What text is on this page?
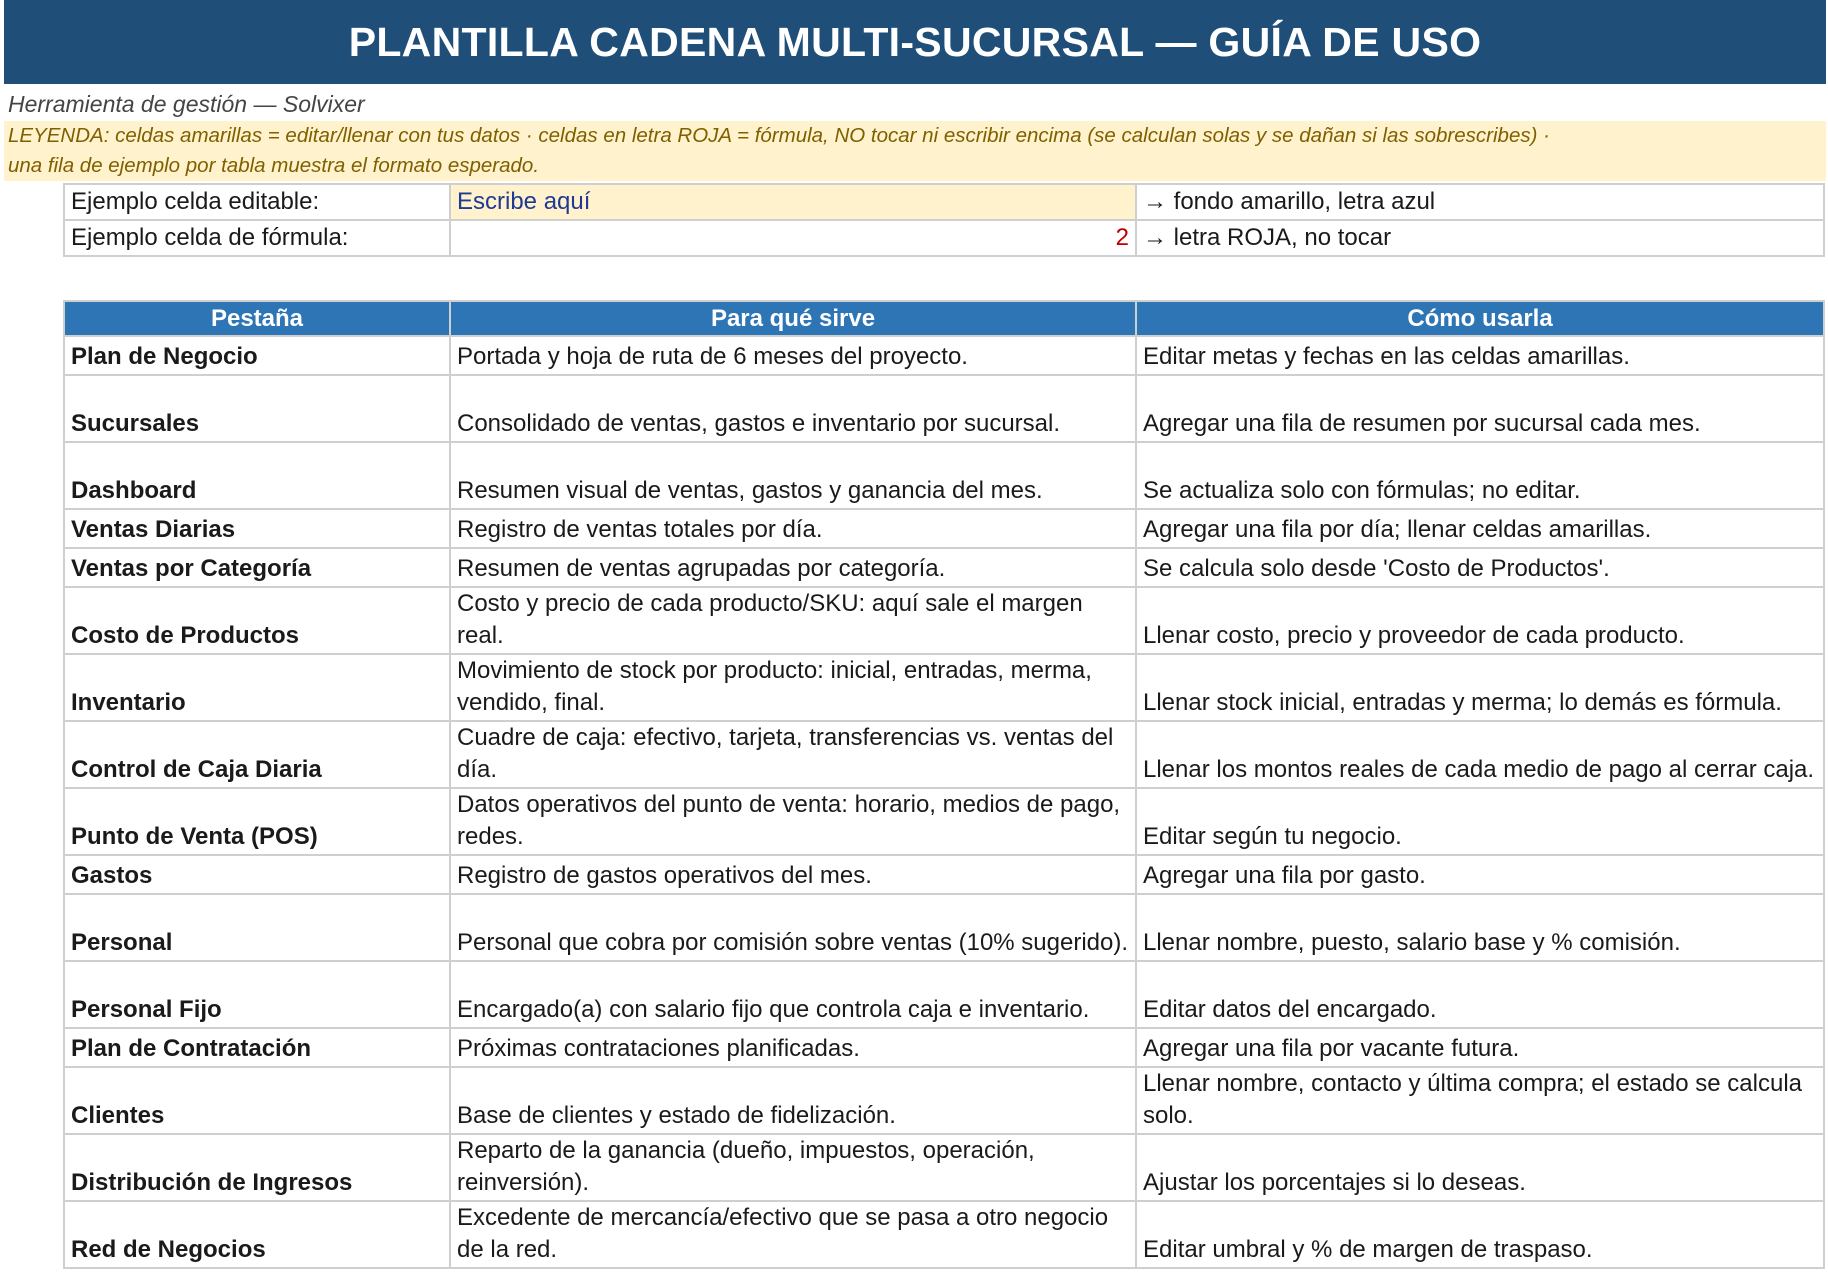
PLANTILLA CADENA MULTI-SUCURSAL — GUÍA DE USO
Herramienta de gestión — Solvixer
LEYENDA: celdas amarillas = editar/llenar con tus datos · celdas en letra ROJA = fórmula, NO tocar ni escribir encima (se calculan solas y se dañan si las sobrescribes) ·
una fila de ejemplo por tabla muestra el formato esperado.
Ejemplo celda editable:	Escribe aquí	→ fondo amarillo, letra azul
Ejemplo celda de fórmula:	2	→ letra ROJA, no tocar
Pestaña	Para qué sirve	Cómo usarla
Plan de Negocio	Portada y hoja de ruta de 6 meses del proyecto.	Editar metas y fechas en las celdas amarillas.
Sucursales	Consolidado de ventas, gastos e inventario por sucursal.	Agregar una fila de resumen por sucursal cada mes.
Dashboard	Resumen visual de ventas, gastos y ganancia del mes.	Se actualiza solo con fórmulas; no editar.
Ventas Diarias	Registro de ventas totales por día.	Agregar una fila por día; llenar celdas amarillas.
Ventas por Categoría	Resumen de ventas agrupadas por categoría.	Se calcula solo desde 'Costo de Productos'.
Costo de Productos	Costo y precio de cada producto/SKU: aquí sale el margen real.	Llenar costo, precio y proveedor de cada producto.
Inventario	Movimiento de stock por producto: inicial, entradas, merma, vendido, final.	Llenar stock inicial, entradas y merma; lo demás es fórmula.
Control de Caja Diaria	Cuadre de caja: efectivo, tarjeta, transferencias vs. ventas del día.	Llenar los montos reales de cada medio de pago al cerrar caja.
Punto de Venta (POS)	Datos operativos del punto de venta: horario, medios de pago, redes.	Editar según tu negocio.
Gastos	Registro de gastos operativos del mes.	Agregar una fila por gasto.
Personal	Personal que cobra por comisión sobre ventas (10% sugerido).	Llenar nombre, puesto, salario base y % comisión.
Personal Fijo	Encargado(a) con salario fijo que controla caja e inventario.	Editar datos del encargado.
Plan de Contratación	Próximas contrataciones planificadas.	Agregar una fila por vacante futura.
Clientes	Base de clientes y estado de fidelización.	Llenar nombre, contacto y última compra; el estado se calcula solo.
Distribución de Ingresos	Reparto de la ganancia (dueño, impuestos, operación, reinversión).	Ajustar los porcentajes si lo deseas.
Red de Negocios	Excedente de mercancía/efectivo que se pasa a otro negocio de la red.	Editar umbral y % de margen de traspaso.
